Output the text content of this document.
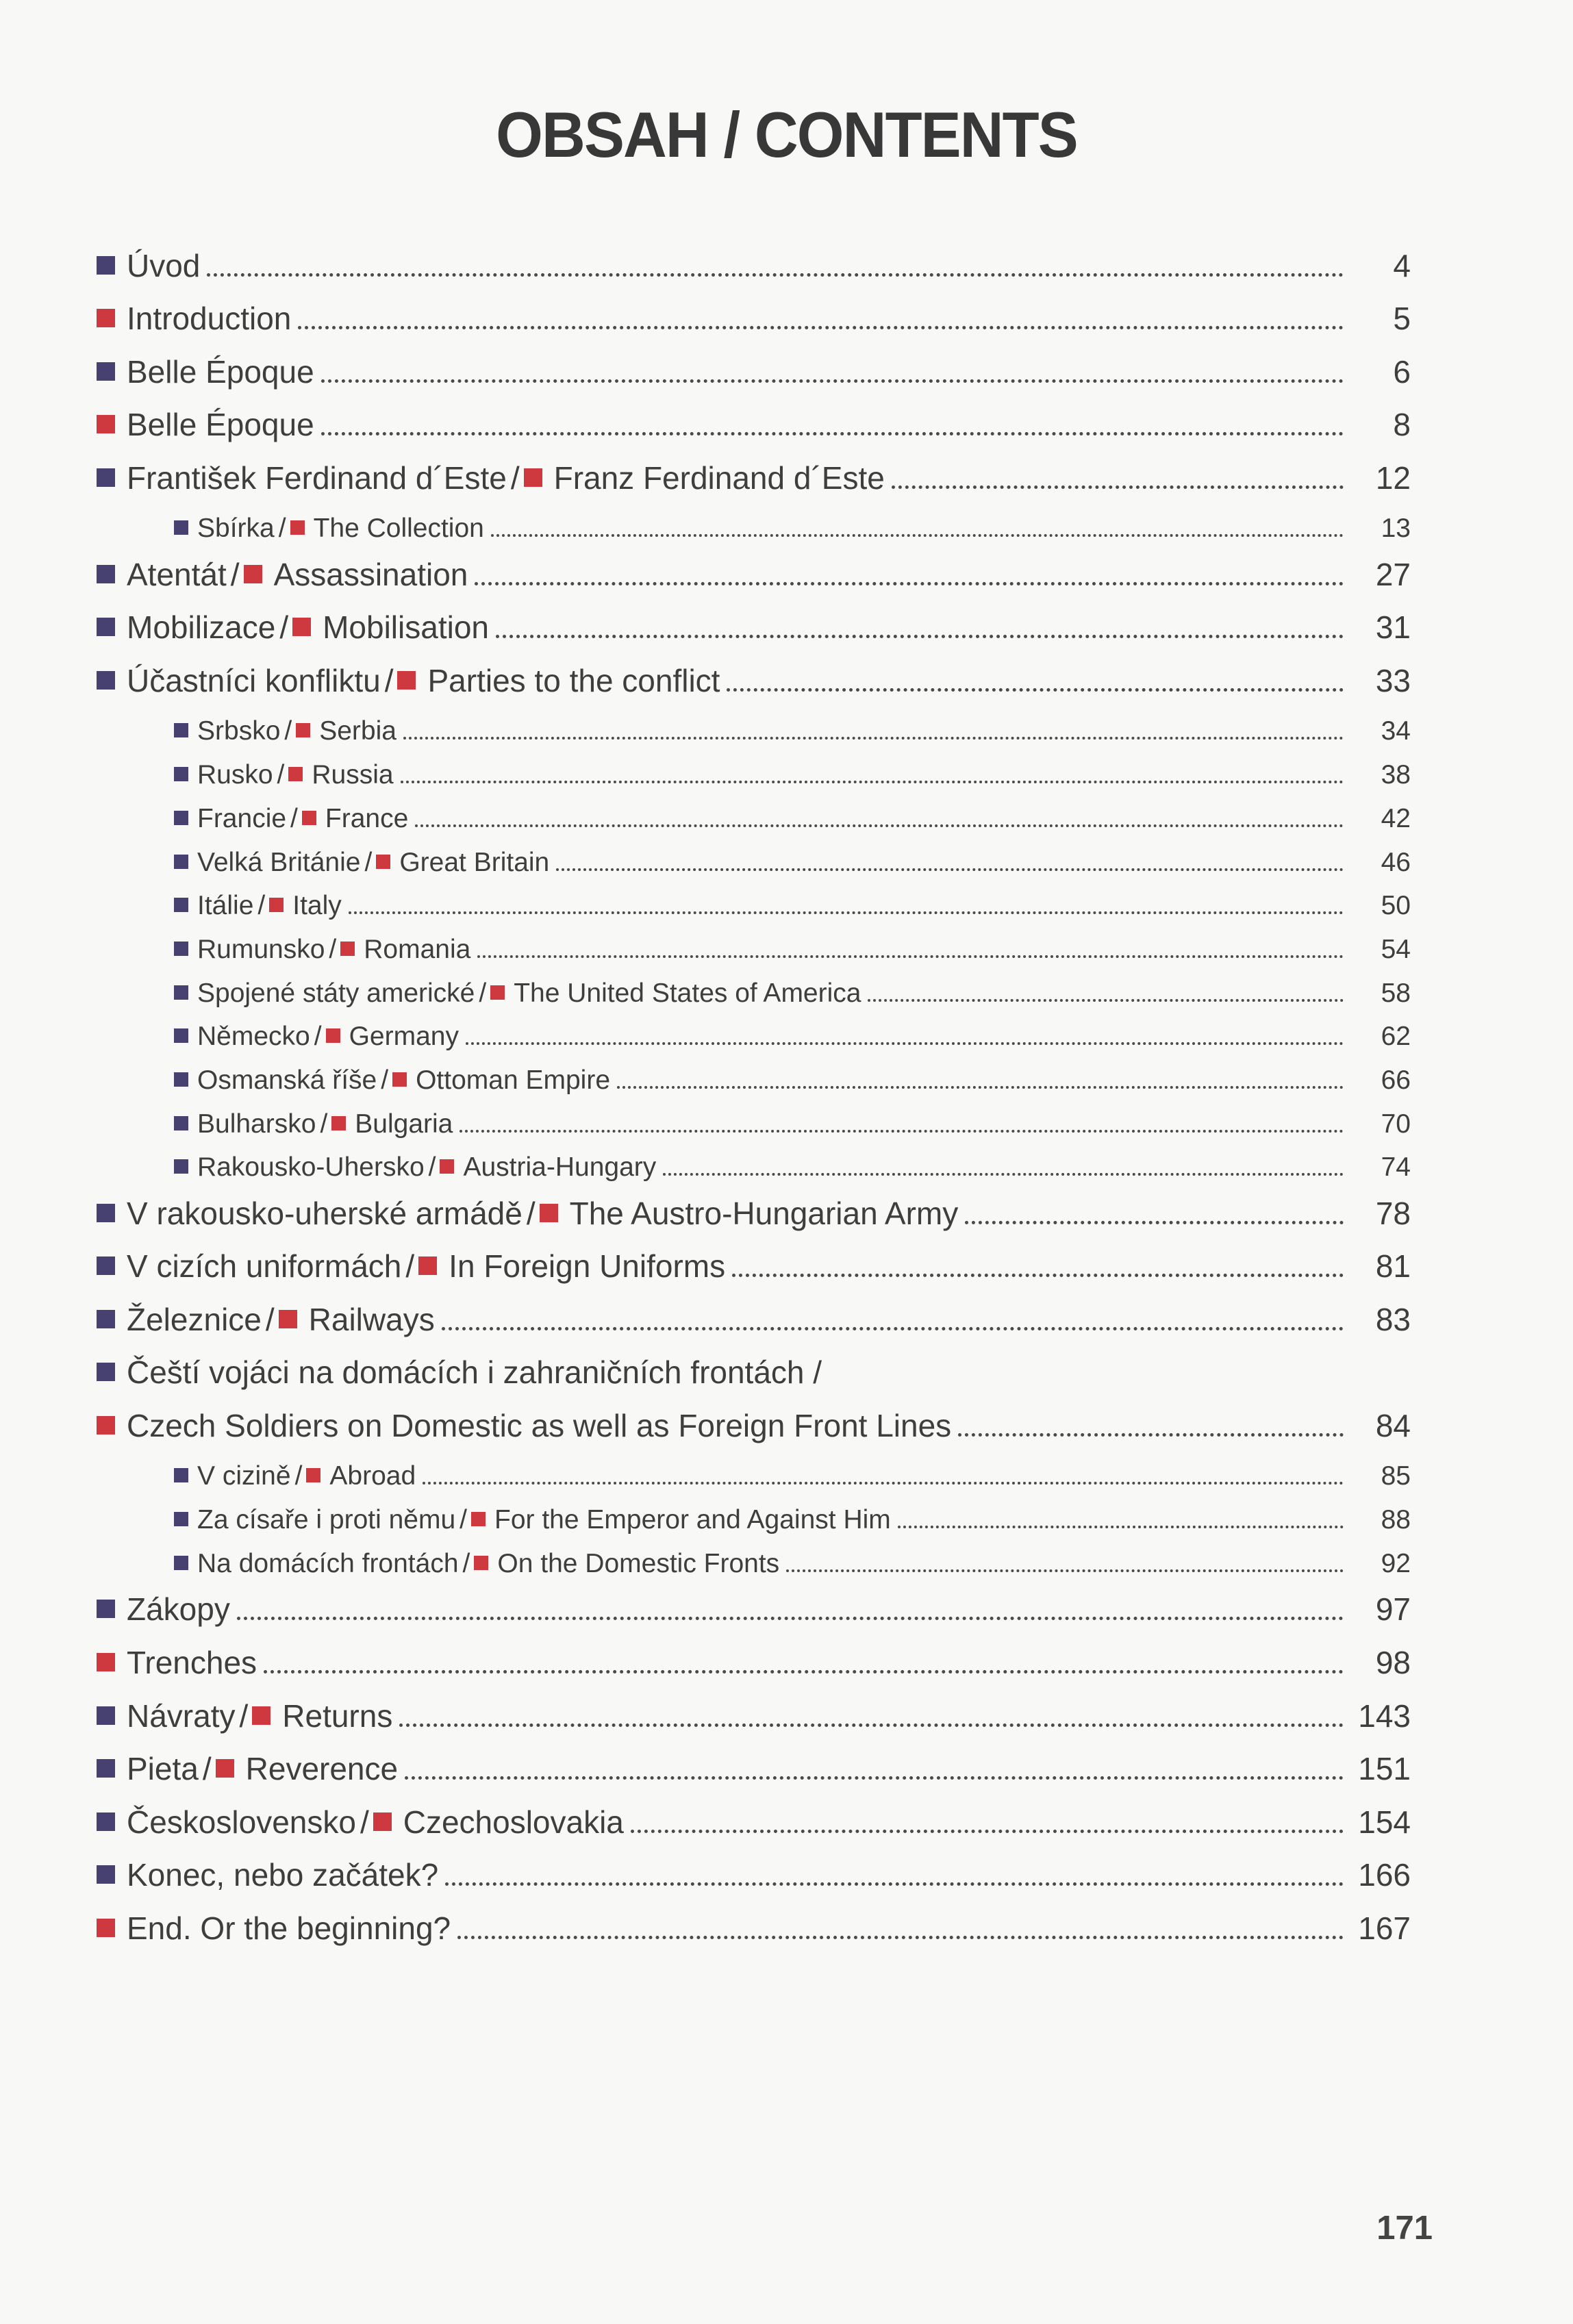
OBSAH / CONTENTS
Úvod	4
Introduction	5
Belle Époque	6
Belle Époque	8
František Ferdinand d´Este / Franz Ferdinand d´Este	12
Sbírka / The Collection	13
Atentát / Assassination	27
Mobilizace / Mobilisation	31
Účastníci konfliktu / Parties to the conflict	33
Srbsko / Serbia	34
Rusko / Russia	38
Francie / France	42
Velká Británie / Great Britain	46
Itálie / Italy	50
Rumunsko / Romania	54
Spojené státy americké / The United States of America	58
Německo / Germany	62
Osmanská říše / Ottoman Empire	66
Bulharsko / Bulgaria	70
Rakousko-Uhersko / Austria-Hungary	74
V rakousko-uherské armádě / The Austro-Hungarian Army	78
V cizích uniformách / In Foreign Uniforms	81
Železnice / Railways	83
Čeští vojáci na domácích i zahraničních frontách /
Czech Soldiers on Domestic as well as Foreign Front Lines	84
V cizině / Abroad	85
Za císaře i proti němu / For the Emperor and Against Him	88
Na domácích frontách / On the Domestic Fronts	92
Zákopy	97
Trenches	98
Návraty / Returns	143
Pieta / Reverence	151
Československo / Czechoslovakia	154
Konec, nebo začátek?	166
End. Or the beginning?	167
171
